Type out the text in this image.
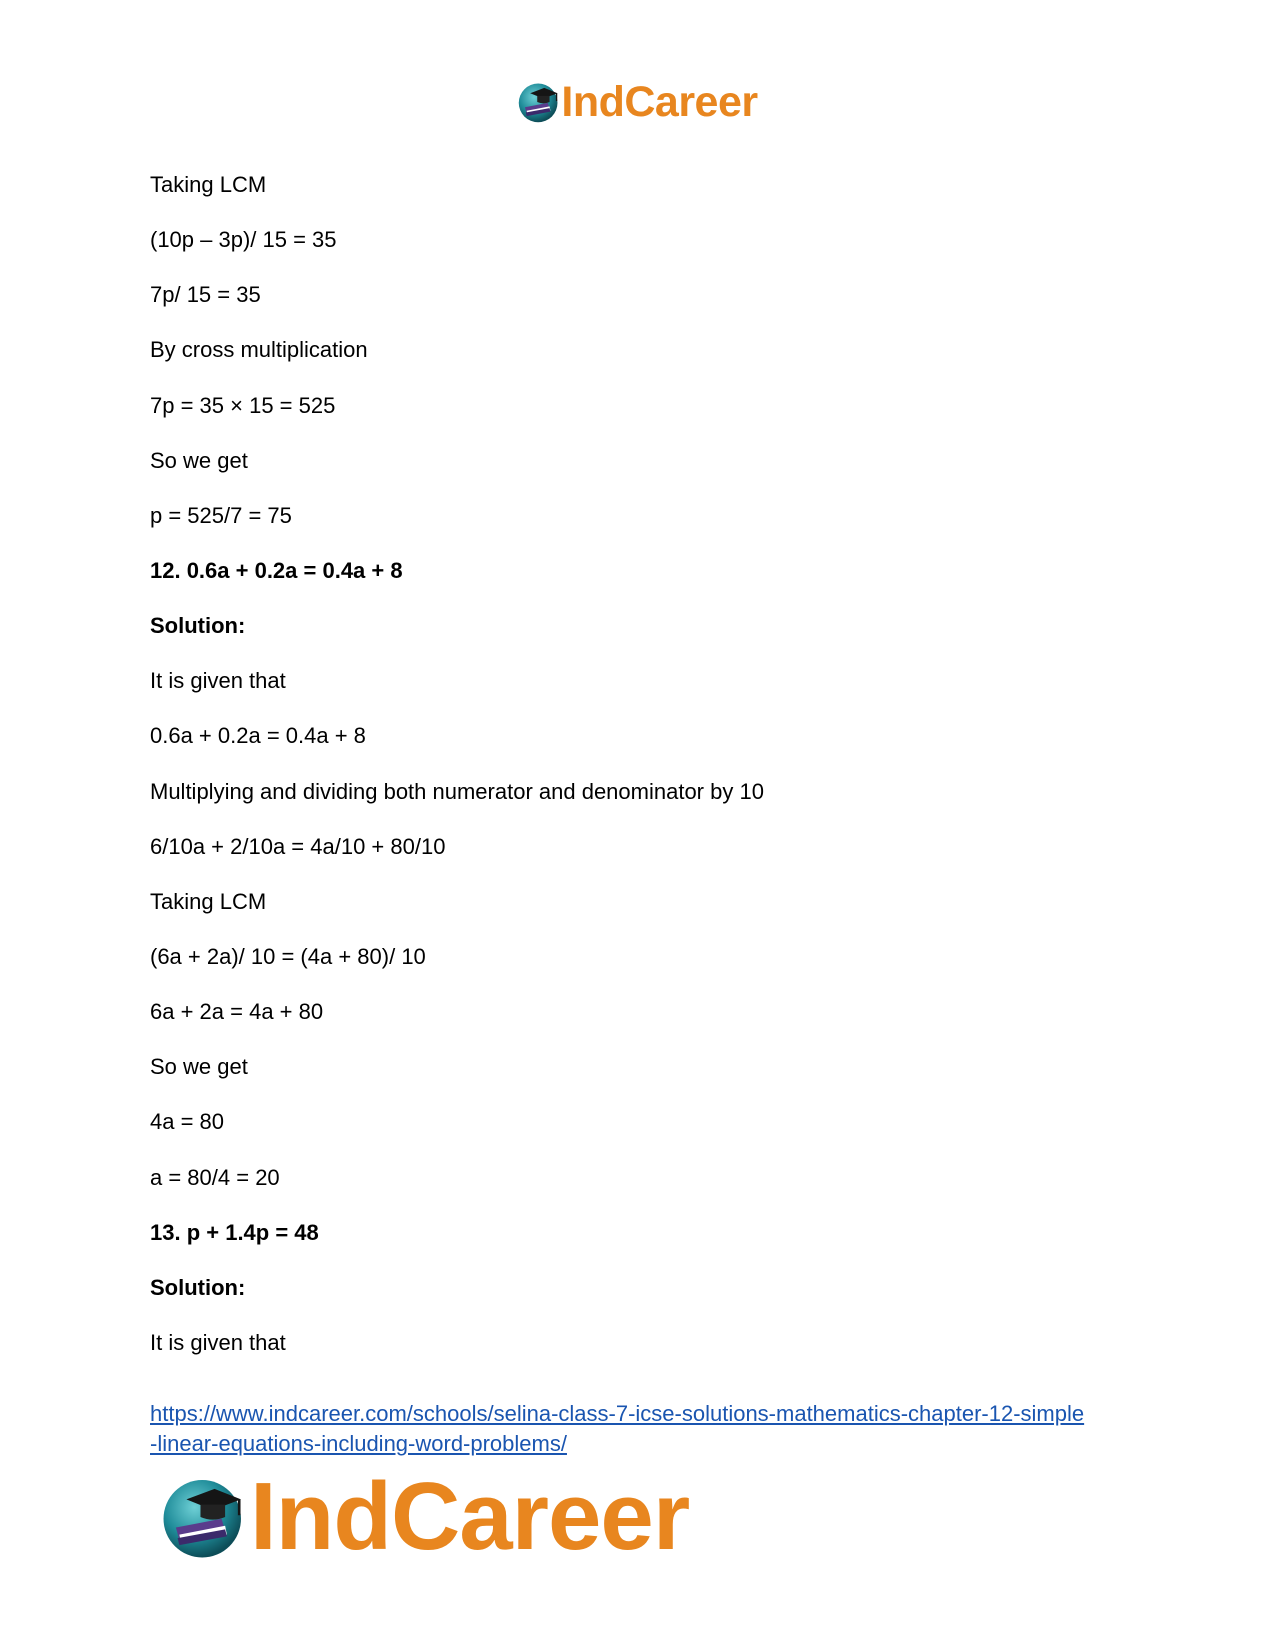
IndCareer
Taking LCM
(10p – 3p)/ 15 = 35
7p/ 15 = 35
By cross multiplication
7p = 35 × 15 = 525
So we get
p = 525/7 = 75
12. 0.6a + 0.2a = 0.4a + 8
Solution:
It is given that
0.6a + 0.2a = 0.4a + 8
Multiplying and dividing both numerator and denominator by 10
6/10a + 2/10a = 4a/10 + 80/10
Taking LCM
(6a + 2a)/ 10 = (4a + 80)/ 10
6a + 2a = 4a + 80
So we get
4a = 80
a = 80/4 = 20
13. p + 1.4p = 48
Solution:
It is given that
https://www.indcareer.com/schools/selina-class-7-icse-solutions-mathematics-chapter-12-simple
-linear-equations-including-word-problems/
IndCareer
